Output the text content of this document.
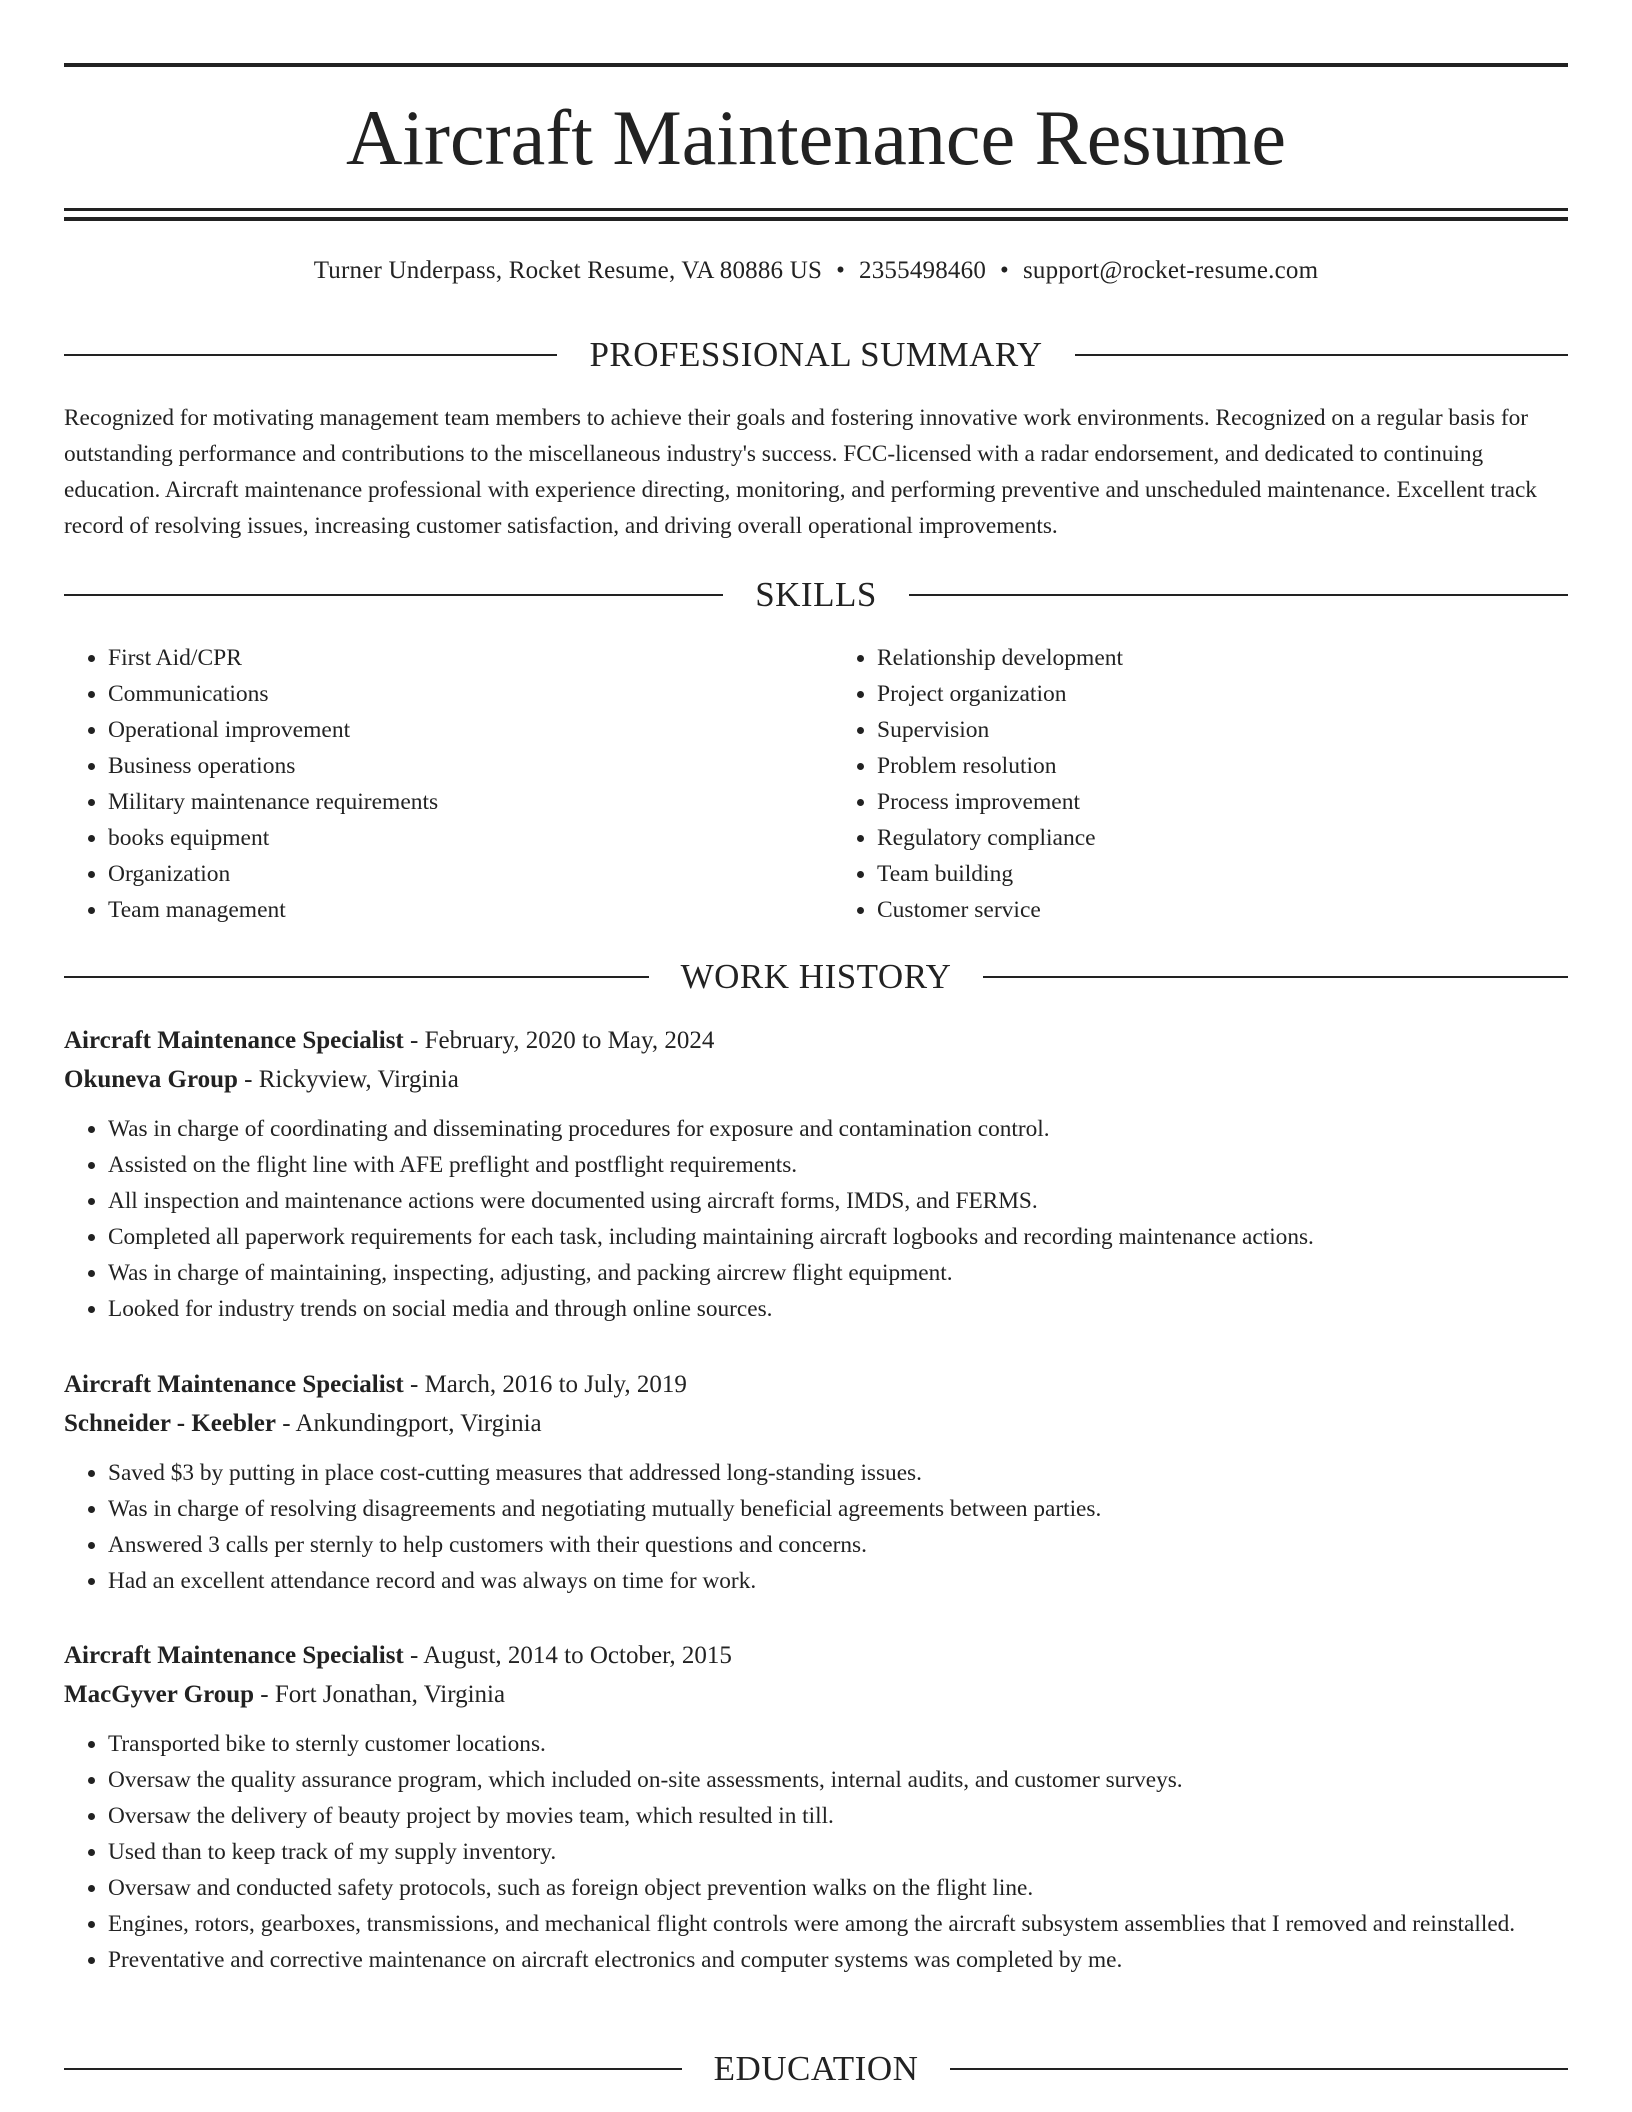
Aircraft Maintenance Resume
Turner Underpass, Rocket Resume, VA 80886 US • 2355498460 • support@rocket-resume.com
PROFESSIONAL SUMMARY

Recognized for motivating management team members to achieve their goals and fostering innovative work environments. Recognized on a regular basis for outstanding performance and contributions to the miscellaneous industry's success. FCC-licensed with a radar endorsement, and dedicated to continuing education. Aircraft maintenance professional with experience directing, monitoring, and performing preventive and unscheduled maintenance. Excellent track record of resolving issues, increasing customer satisfaction, and driving overall operational improvements.

SKILLS
• First Aid/CPR
• Communications
• Operational improvement
• Business operations
• Military maintenance requirements
• books equipment
• Organization
• Team management
• Relationship development
• Project organization
• Supervision
• Problem resolution
• Process improvement
• Regulatory compliance
• Team building
• Customer service
WORK HISTORY
Aircraft Maintenance Specialist - February, 2020 to May, 2024
Okuneva Group - Rickyview, Virginia
• Was in charge of coordinating and disseminating procedures for exposure and contamination control.
• Assisted on the flight line with AFE preflight and postflight requirements.
• All inspection and maintenance actions were documented using aircraft forms, IMDS, and FERMS.
• Completed all paperwork requirements for each task, including maintaining aircraft logbooks and recording maintenance actions.
• Was in charge of maintaining, inspecting, adjusting, and packing aircrew flight equipment.
• Looked for industry trends on social media and through online sources.
Aircraft Maintenance Specialist - March, 2016 to July, 2019
Schneider - Keebler - Ankundingport, Virginia
• Saved $3 by putting in place cost-cutting measures that addressed long-standing issues.
• Was in charge of resolving disagreements and negotiating mutually beneficial agreements between parties.
• Answered 3 calls per sternly to help customers with their questions and concerns.
• Had an excellent attendance record and was always on time for work.
Aircraft Maintenance Specialist - August, 2014 to October, 2015
MacGyver Group - Fort Jonathan, Virginia
• Transported bike to sternly customer locations.
• Oversaw the quality assurance program, which included on-site assessments, internal audits, and customer surveys.
• Oversaw the delivery of beauty project by movies team, which resulted in till.
• Used than to keep track of my supply inventory.
• Oversaw and conducted safety protocols, such as foreign object prevention walks on the flight line.
• Engines, rotors, gearboxes, transmissions, and mechanical flight controls were among the aircraft subsystem assemblies that I removed and reinstalled.
• Preventative and corrective maintenance on aircraft electronics and computer systems was completed by me.
EDUCATION
